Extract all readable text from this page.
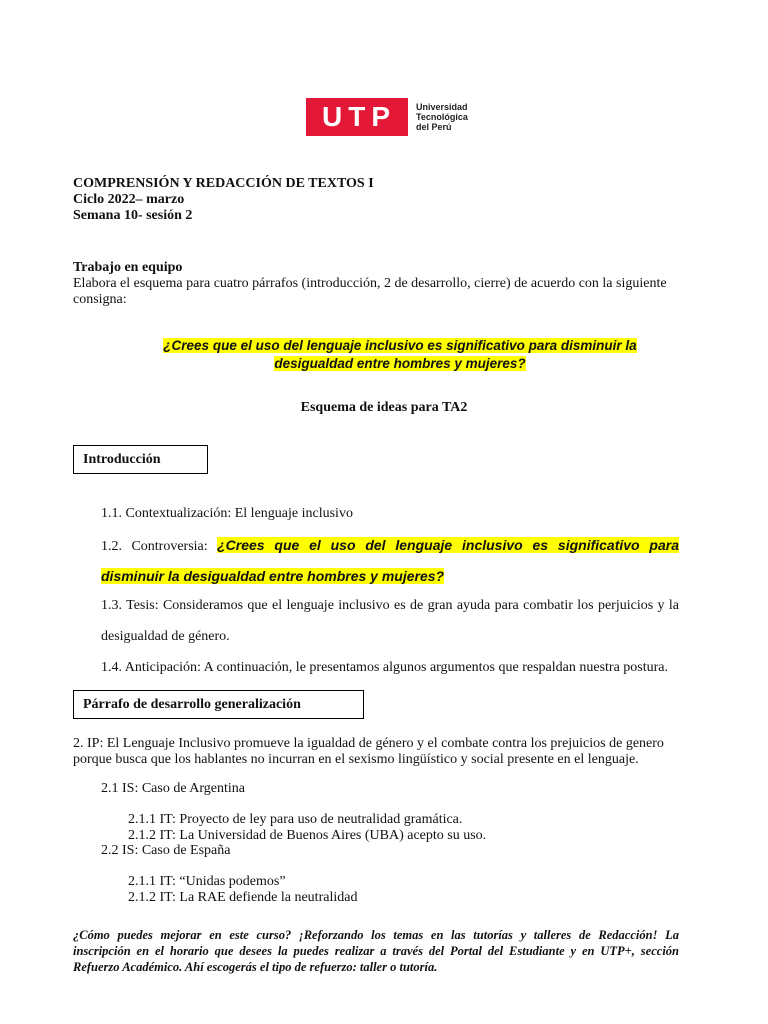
UTP	Universidad
Tecnológica
del Perú
COMPRENSIÓN Y REDACCIÓN DE TEXTOS I
Ciclo 2022– marzo
Semana 10- sesión 2
Trabajo en equipo
Elabora el esquema para cuatro párrafos (introducción, 2 de desarrollo, cierre) de acuerdo con la siguiente
consigna:
¿Crees que el uso del lenguaje inclusivo es significativo para disminuir la
desigualdad entre hombres y mujeres?
Esquema de ideas para TA2
Introducción
1.1. Contextualización: El lenguaje inclusivo
1.2. Controversia: ¿Crees que el uso del lenguaje inclusivo es significativo para
disminuir la desigualdad entre hombres y mujeres?
1.3. Tesis: Consideramos que el lenguaje inclusivo es de gran ayuda para combatir los perjuicios y la
desigualdad de género.
1.4. Anticipación: A continuación, le presentamos algunos argumentos que respaldan nuestra postura.
Párrafo de desarrollo generalización
2. IP: El Lenguaje Inclusivo promueve la igualdad de género y el combate contra los prejuicios de genero
porque busca que los hablantes no incurran en el sexismo lingüístico y social presente en el lenguaje.
2.1 IS: Caso de Argentina
2.1.1 IT: Proyecto de ley para uso de neutralidad gramática.
2.1.2 IT: La Universidad de Buenos Aires (UBA) acepto su uso.
2.2 IS: Caso de España
2.1.1 IT: “Unidas podemos”
2.1.2 IT: La RAE defiende la neutralidad
¿Cómo puedes mejorar en este curso? ¡Reforzando los temas en las tutorías y talleres de Redacción! La
inscripción en el horario que desees la puedes realizar a través del Portal del Estudiante y en UTP+, sección
Refuerzo Académico. Ahí escogerás el tipo de refuerzo: taller o tutoría.
